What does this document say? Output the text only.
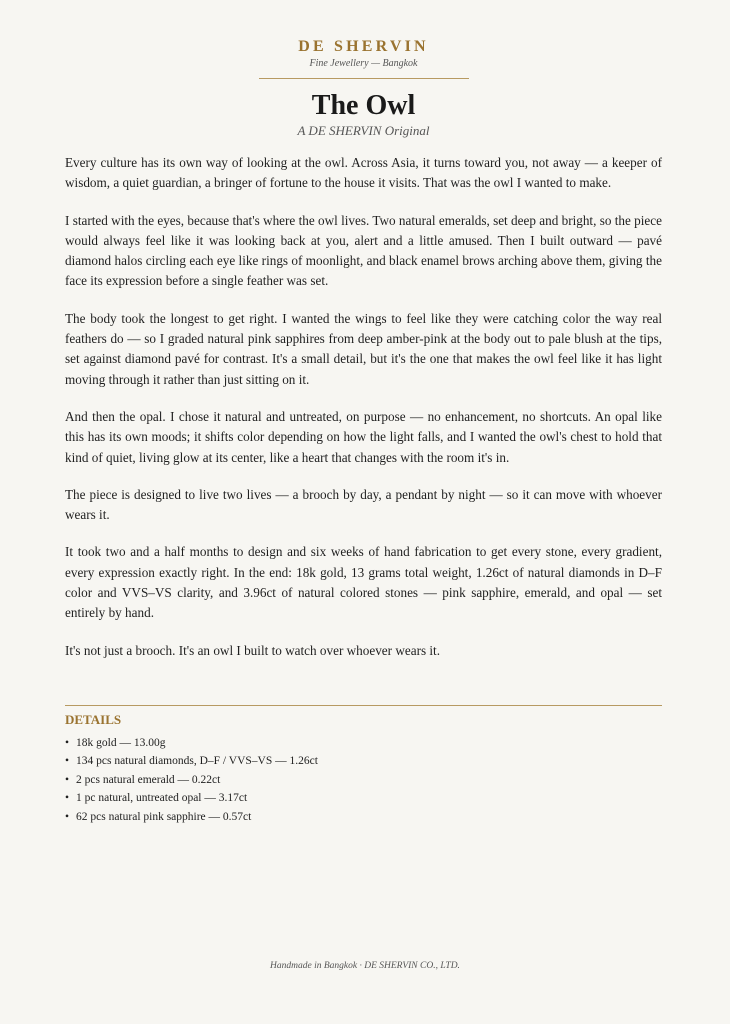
DE SHERVIN
Fine Jewellery — Bangkok
The Owl
A DE SHERVIN Original

Every culture has its own way of looking at the owl. Across Asia, it turns toward you, not away — a keeper of wisdom, a quiet guardian, a bringer of fortune to the house it visits. That was the owl I wanted to make.

I started with the eyes, because that's where the owl lives. Two natural emeralds, set deep and bright, so the piece would always feel like it was looking back at you, alert and a little amused. Then I built outward — pavé diamond halos circling each eye like rings of moonlight, and black enamel brows arching above them, giving the face its expression before a single feather was set.

The body took the longest to get right. I wanted the wings to feel like they were catching color the way real feathers do — so I graded natural pink sapphires from deep amber-pink at the body out to pale blush at the tips, set against diamond pavé for contrast. It's a small detail, but it's the one that makes the owl feel like it has light moving through it rather than just sitting on it.

And then the opal. I chose it natural and untreated, on purpose — no enhancement, no shortcuts. An opal like this has its own moods; it shifts color depending on how the light falls, and I wanted the owl's chest to hold that kind of quiet, living glow at its center, like a heart that changes with the room it's in.

The piece is designed to live two lives — a brooch by day, a pendant by night — so it can move with whoever wears it.

It took two and a half months to design and six weeks of hand fabrication to get every stone, every gradient, every expression exactly right. In the end: 18k gold, 13 grams total weight, 1.26ct of natural diamonds in D–F color and VVS–VS clarity, and 3.96ct of natural colored stones — pink sapphire, emerald, and opal — set entirely by hand.

It's not just a brooch. It's an owl I built to watch over whoever wears it.

DETAILS
• 18k gold — 13.00g
• 134 pcs natural diamonds, D–F / VVS–VS — 1.26ct
• 2 pcs natural emerald — 0.22ct
• 1 pc natural, untreated opal — 3.17ct
• 62 pcs natural pink sapphire — 0.57ct
Handmade in Bangkok · DE SHERVIN CO., LTD.
